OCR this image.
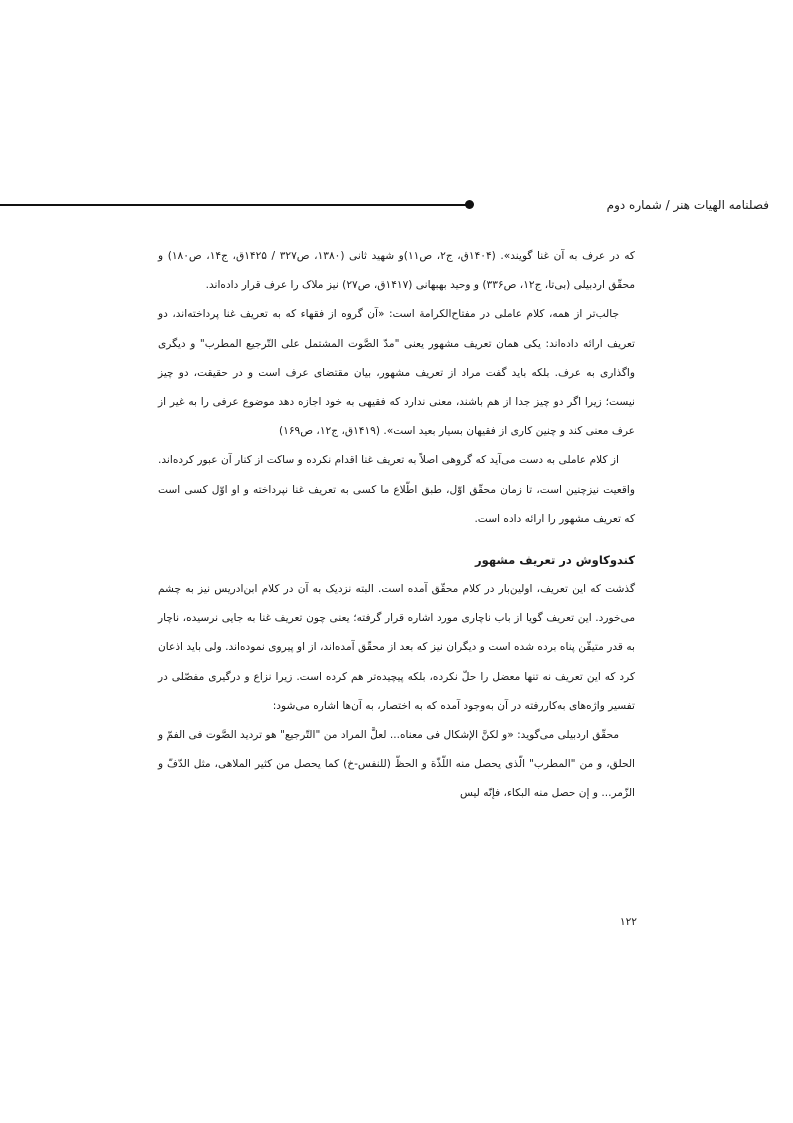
فصلنامه الهیات هنر / شماره دوم

که در عرف به آن غنا گویند». (۱۴۰۴ق، ج۲، ص۱۱)و شهید ثانی (۱۳۸۰، ص۳۲۷ / ۱۴۲۵ق، ج۱۴، ص۱۸۰) و محقّق اردبیلی (بی‌تا، ج۱۲، ص۳۳۶) و وحید بهبهانی (۱۴۱۷ق، ص۲۷) نیز ملاک را عرف قرار داده‌اند.

جالب‌تر از همه، کلام عاملی در مفتاح‌الکرامة است: «آن گروه از فقهاء که به تعریف غنا پرداخته‌اند، دو تعریف ارائه داده‌اند: یکی همان تعریف مشهور یعنی "مدّ الصَّوت المشتمل علی التّرجیع المطرب" و دیگری واگذاری به عرف. بلکه باید گفت مراد از تعریف مشهور، بیان مقتضای عرف است و در حقیقت، دو چیز نیست؛ زیرا اگر دو چیز جدا از هم باشند، معنی ندارد که فقیهی به خود اجازه دهد موضوع عرفی را به غیر از عرف معنی کند و چنین کاری از فقیهان بسیار بعید است». (۱۴۱۹ق، ج۱۲، ص۱۶۹)

از کلام عاملی به دست می‌آید که گروهی اصلاً به تعریف غنا اقدام نکرده و ساکت از کنار آن عبور کرده‌اند. واقعیت نیزچنین است، تا زمان محقّق اوّل، طبق اطّلاع ما کسی به تعریف غنا نپرداخته و او اوّل کسی است که تعریف مشهور را ارائه داده است.

کندوکاوش در تعریف مشهور

گذشت که این تعریف، اولین‌بار در کلام محقّق آمده است. البته نزدیک به آن در کلام ابن‌ادریس نیز به چشم می‌خورد. این تعریف گویا از باب ناچاری مورد اشاره قرار گرفته؛ یعنی چون تعریف غنا به جایی نرسیده، ناچار به قدر متیقّن پناه برده شده است و دیگران نیز که بعد از محقّق آمده‌اند، از او پیروی نموده‌اند. ولی باید اذعان کرد که این تعریف نه تنها معضل را حلّ نکرده، بلکه پیچیده‌تر هم کرده است. زیرا نزاع و درگیری مفصّلی در تفسیر واژه‌های به‌کاررفته در آن به‌وجود آمده که به اختصار، به آن‌ها اشاره می‌شود:

محقّق اردبیلی می‌گوید: «و لکنَّ الإشکال فی معناه... لعلَّ المراد من "التّرجیع" هو تردید الصَّوت فی الفمّ و الحلق، و من "المطرب" الّذی یحصل منه اللّذّة و الحظّ (للنفس-خ) کما یحصل من کثیر الملاهی، مثل الدّفّ و الزّمر... و إن حصل منه البکاء، فإنّه لیس

۱۲۲
